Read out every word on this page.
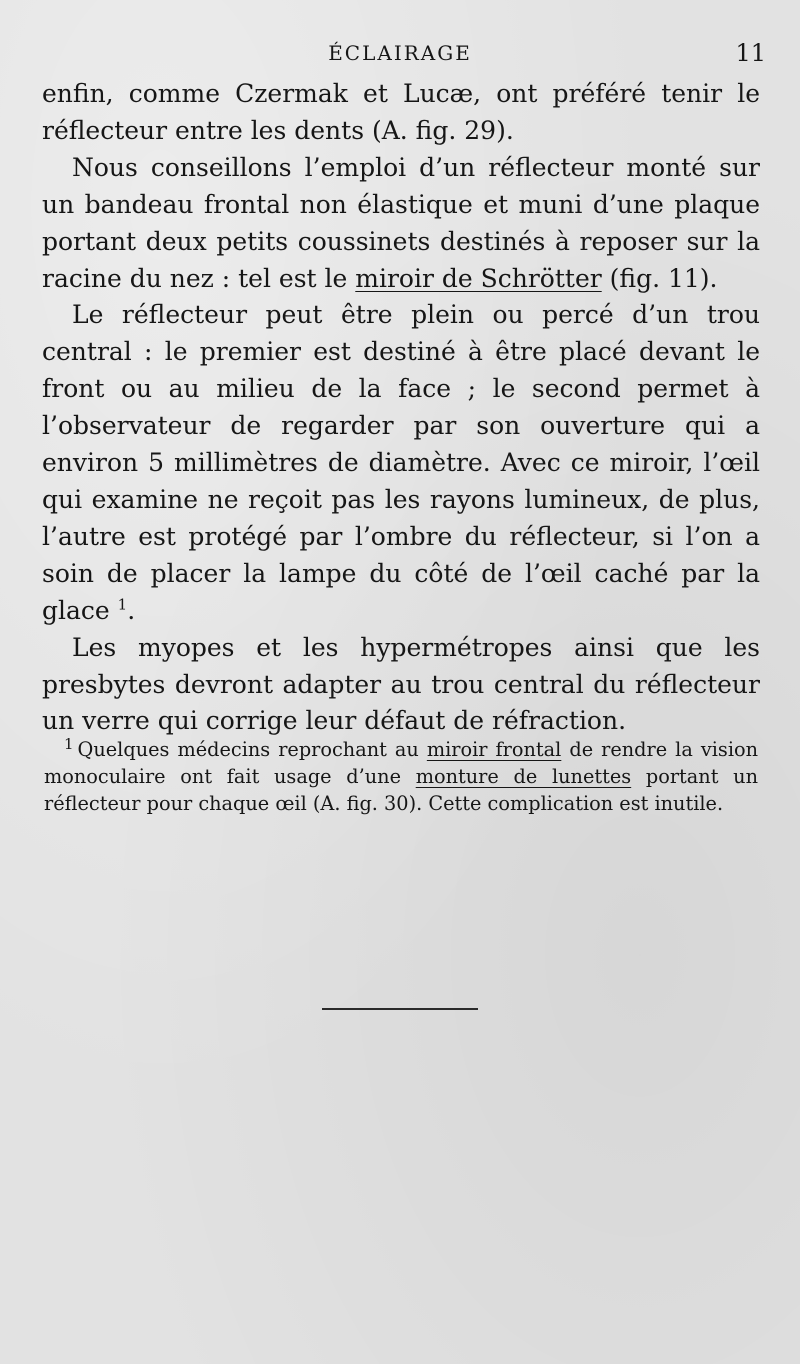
ÉCLAIRAGE	11

enfin, comme Czermak et Lucæ, ont préféré tenir le réflecteur entre les dents (A. fig. 29).

Nous conseillons l’emploi d’un réflecteur monté sur un bandeau frontal non élastique et muni d’une plaque portant deux petits coussinets destinés à reposer sur la racine du nez : tel est le miroir de Schrötter (fig. 11).

Le réflecteur peut être plein ou percé d’un trou central : le premier est destiné à être placé devant le front ou au milieu de la face ; le second permet à l’observateur de regarder par son ouverture qui a environ 5 millimètres de diamètre. Avec ce miroir, l’œil qui examine ne reçoit pas les rayons lumineux, de plus, l’autre est protégé par l’ombre du réflecteur, si l’on a soin de placer la lampe du côté de l’œil caché par la glace $^1$.

Les myopes et les hypermétropes ainsi que les presbytes devront adapter au trou central du réflecteur un verre qui corrige leur défaut de réfraction.

$^1$ Quelques médecins reprochant au miroir frontal de rendre la vision monoculaire ont fait usage d’une monture de lunettes portant un réflecteur pour chaque œil (A. fig. 30). Cette complication est inutile.
